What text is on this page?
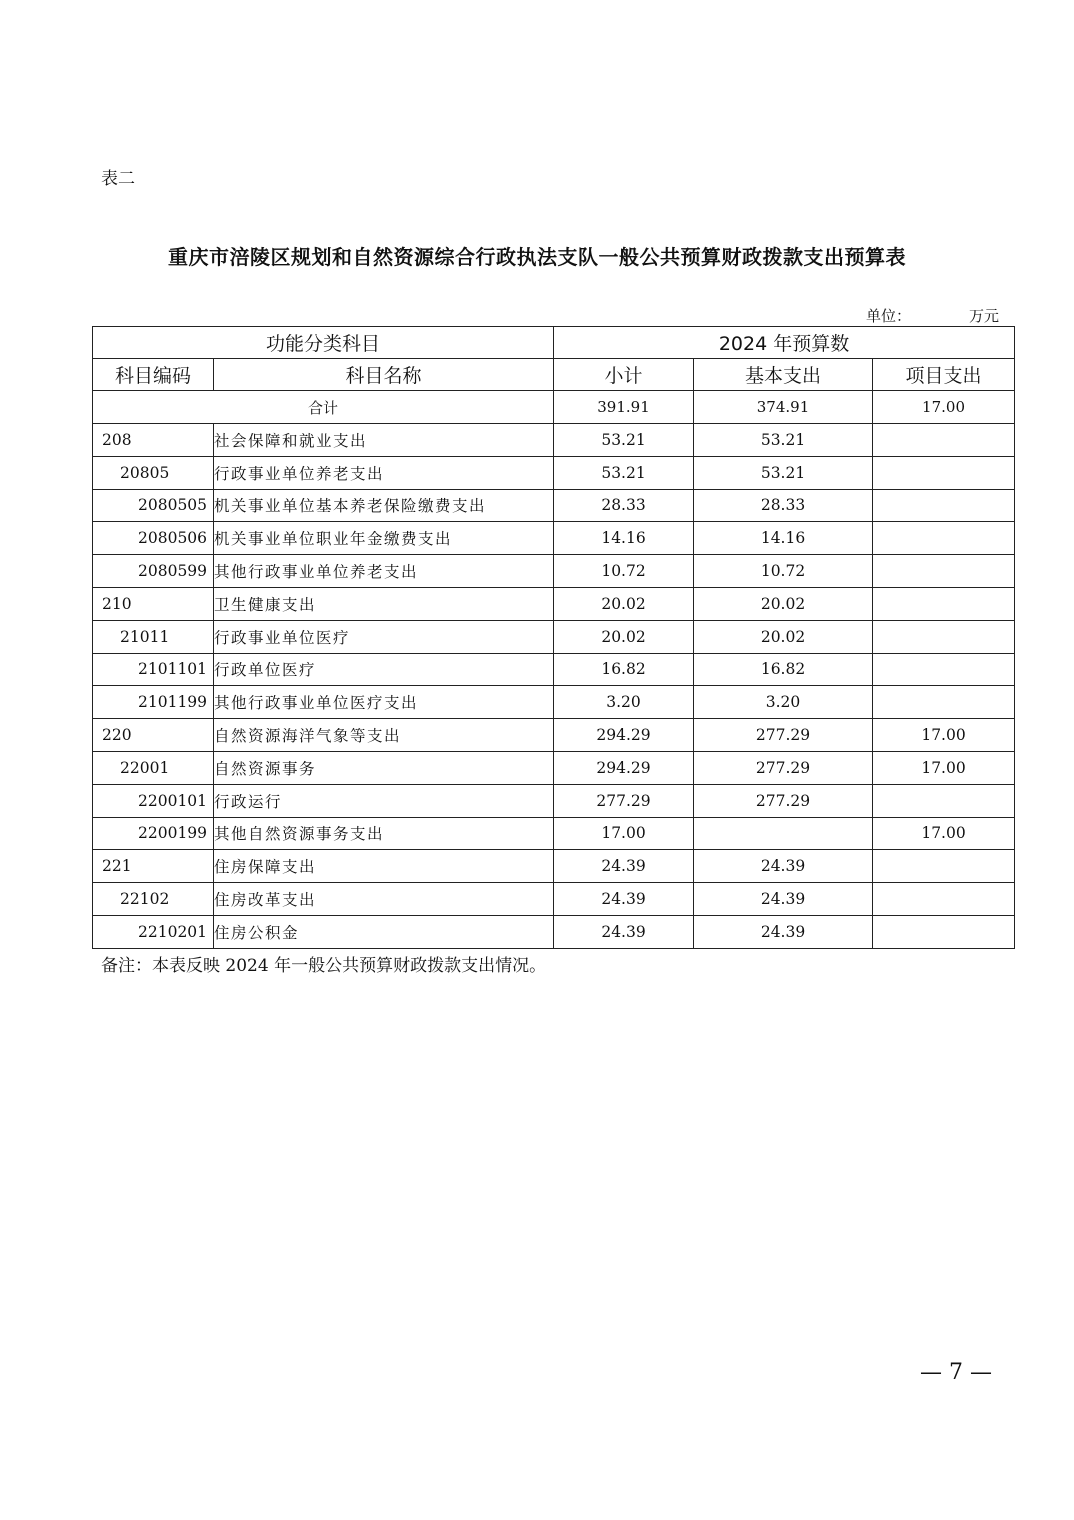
表二
重庆市涪陵区规划和自然资源综合行政执法支队一般公共预算财政拨款支出预算表
单位：	万元
功能分类科目		2024 年预算数		
科目编码	科目名称	小计	基本支出	项目支出
合计		391.91	374.91	17.00
208	社会保障和就业支出	53.21	53.21	
20805	行政事业单位养老支出	53.21	53.21	
2080505	机关事业单位基本养老保险缴费支出	28.33	28.33	
2080506	机关事业单位职业年金缴费支出	14.16	14.16	
2080599	其他行政事业单位养老支出	10.72	10.72	
210	卫生健康支出	20.02	20.02	
21011	行政事业单位医疗	20.02	20.02	
2101101	行政单位医疗	16.82	16.82	
2101199	其他行政事业单位医疗支出	3.20	3.20	
220	自然资源海洋气象等支出	294.29	277.29	17.00
22001	自然资源事务	294.29	277.29	17.00
2200101	行政运行	277.29	277.29	
2200199	其他自然资源事务支出	17.00		17.00
221	住房保障支出	24.39	24.39	
22102	住房改革支出	24.39	24.39	
2210201	住房公积金	24.39	24.39	
备注：本表反映 2024 年一般公共预算财政拨款支出情况。
— 7 —
